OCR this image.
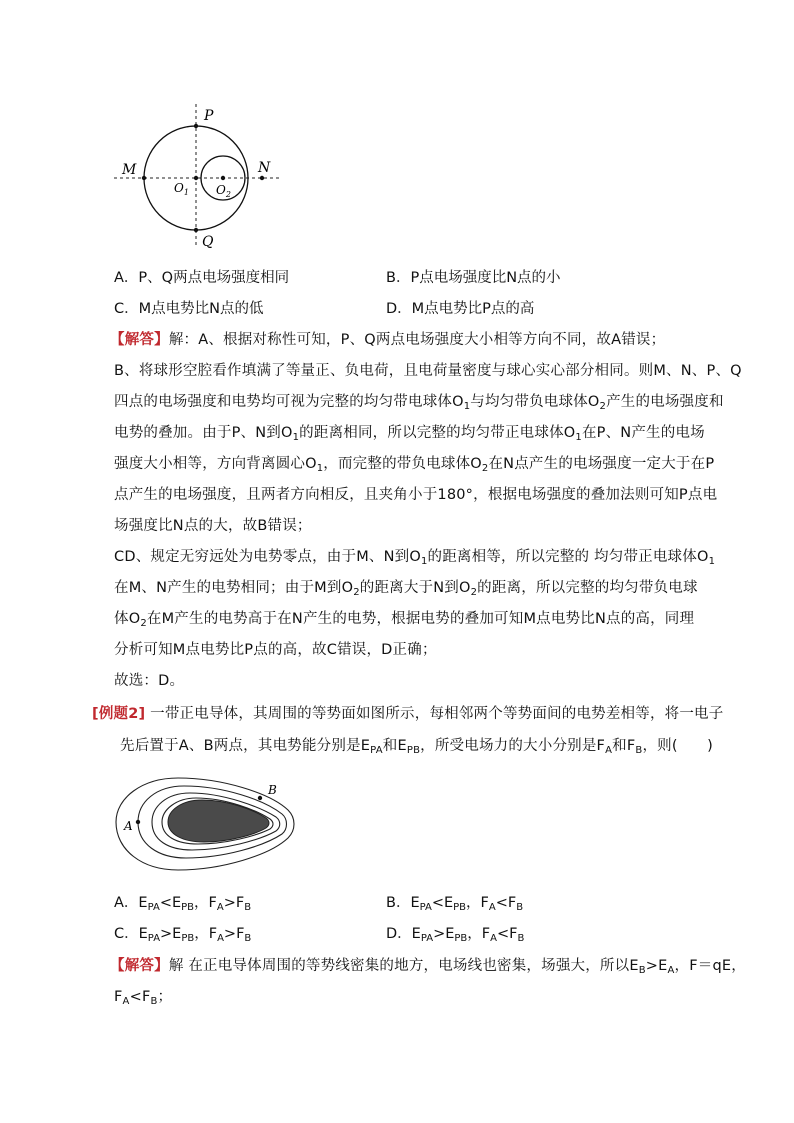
P
Q
M	N
$O_1$ $O_2$
A．P、Q两点电场强度相同	B．P点电场强度比N点的小
C．M点电势比N点的低	D．M点电势比P点的高
【解答】解：A、根据对称性可知，P、Q两点电场强度大小相等方向不同，故A错误；
B、将球形空腔看作填满了等量正、负电荷，且电荷量密度与球心实心部分相同。则M、N、P、Q
四点的电场强度和电势均可视为完整的均匀带电球体$O_1$与均匀带负电球体$O_2$产生的电场强度和
电势的叠加。由于P、N到$O_1$的距离相同，所以完整的均匀带正电球体$O_1$在P、N产生的电场
强度大小相等，方向背离圆心$O_1$，而完整的带负电球体$O_2$在N点产生的电场强度一定大于在P
点产生的电场强度，且两者方向相反，且夹角小于180°，根据电场强度的叠加法则可知P点电
场强度比N点的大，故B错误；
CD、规定无穷远处为电势零点，由于M、N到$O_1$的距离相等，所以完整的 均匀带正电球体$O_1$
在M、N产生的电势相同；由于M到$O_2$的距离大于N到$O_2$的距离，所以完整的均匀带负电球
体$O_2$在M产生的电势高于在N产生的电势，根据电势的叠加可知M点电势比N点的高，同理
分析可知M点电势比P点的高，故C错误，D正确；
故选：D。
[例题2] 一带正电导体，其周围的等势面如图所示，每相邻两个等势面间的电势差相等，将一电子
先后置于A、B两点，其电势能分别是$E_{PA}$和$E_{PB}$，所受电场力的大小分别是$F_A$和$F_B$，则(　　)
A
B
A．$E_{PA}<E_{PB}$，$F_A>F_B$	B．$E_{PA}<E_{PB}$，$F_A<F_B$
C．$E_{PA}>E_{PB}$，$F_A>F_B$	D．$E_{PA}>E_{PB}$，$F_A<F_B$
【解答】解 在正电导体周围的等势线密集的地方，电场线也密集，场强大，所以$E_B>E_A$，F＝qE，
$F_A<F_B$；
